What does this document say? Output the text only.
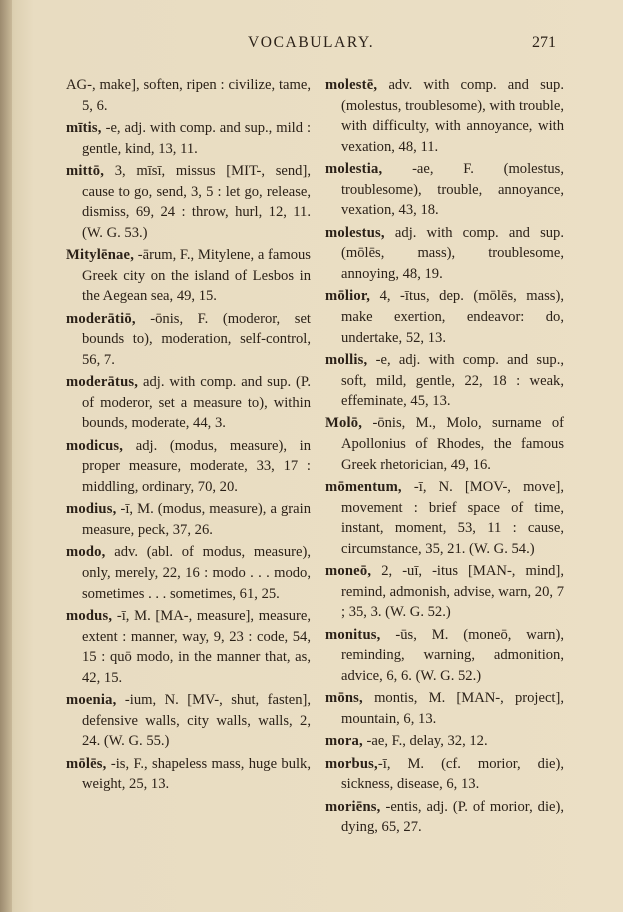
VOCABULARY.	271

AG-, make], soften, ripen : civilize, tame, 5, 6.

mītis, -e, adj. with comp. and sup., mild : gentle, kind, 13, 11.

mittō, 3, mīsī, missus [MIT-, send], cause to go, send, 3, 5 : let go, release, dismiss, 69, 24 : throw, hurl, 12, 11. (W. G. 53.)

Mitylēnae, -ārum, F., Mitylene, a famous Greek city on the island of Lesbos in the Aegean sea, 49, 15.

moderātiō, -ōnis, F. (moderor, set bounds to), moderation, self-control, 56, 7.

moderātus, adj. with comp. and sup. (P. of moderor, set a measure to), within bounds, moderate, 44, 3.

modicus, adj. (modus, measure), in proper measure, moderate, 33, 17 : middling, ordinary, 70, 20.

modius, -ī, M. (modus, measure), a grain measure, peck, 37, 26.

modo, adv. (abl. of modus, measure), only, merely, 22, 16 : modo . . . modo, sometimes . . . sometimes, 61, 25.

modus, -ī, M. [MA-, measure], measure, extent : manner, way, 9, 23 : code, 54, 15 : quō modo, in the manner that, as, 42, 15.

moenia, -ium, N. [MV-, shut, fasten], defensive walls, city walls, walls, 2, 24. (W. G. 55.)

mōlēs, -is, F., shapeless mass, huge bulk, weight, 25, 13.

molestē, adv. with comp. and sup. (molestus, troublesome), with trouble, with difficulty, with annoyance, with vexation, 48, 11.

molestia, -ae, F. (molestus, troublesome), trouble, annoyance, vexation, 43, 18.

molestus, adj. with comp. and sup. (mōlēs, mass), troublesome, annoying, 48, 19.

mōlior, 4, -ītus, dep. (mōlēs, mass), make exertion, endeavor: do, undertake, 52, 13.

mollis, -e, adj. with comp. and sup., soft, mild, gentle, 22, 18 : weak, effeminate, 45, 13.

Molō, -ōnis, M., Molo, surname of Apollonius of Rhodes, the famous Greek rhetorician, 49, 16.

mōmentum, -ī, N. [MOV-, move], movement : brief space of time, instant, moment, 53, 11 : cause, circumstance, 35, 21. (W. G. 54.)

moneō, 2, -uī, -itus [MAN-, mind], remind, admonish, advise, warn, 20, 7 ; 35, 3. (W. G. 52.)

monitus, -ūs, M. (moneō, warn), reminding, warning, admonition, advice, 6, 6. (W. G. 52.)

mōns, montis, M. [MAN-, project], mountain, 6, 13.

mora, -ae, F., delay, 32, 12.

morbus,-ī, M. (cf. morior, die), sickness, disease, 6, 13.

moriēns, -entis, adj. (P. of morior, die), dying, 65, 27.
